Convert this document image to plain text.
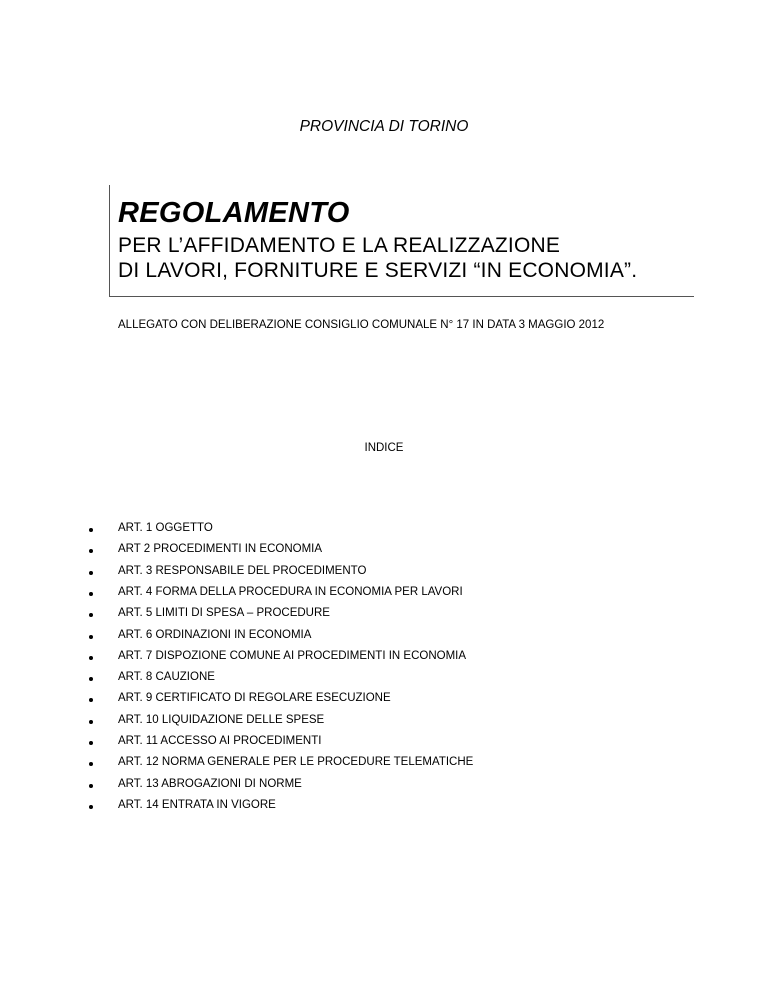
PROVINCIA DI TORINO
REGOLAMENTO
PER L’AFFIDAMENTO E LA REALIZZAZIONE
DI LAVORI, FORNITURE E SERVIZI “IN ECONOMIA”.
ALLEGATO CON DELIBERAZIONE CONSIGLIO COMUNALE N° 17 IN DATA 3 MAGGIO 2012
INDICE
ART. 1 OGGETTO
ART 2 PROCEDIMENTI IN ECONOMIA
ART. 3 RESPONSABILE DEL PROCEDIMENTO
ART. 4 FORMA DELLA PROCEDURA IN ECONOMIA PER LAVORI
ART. 5 LIMITI DI SPESA – PROCEDURE
ART. 6 ORDINAZIONI IN ECONOMIA
ART. 7 DISPOZIONE COMUNE AI PROCEDIMENTI IN ECONOMIA
ART. 8 CAUZIONE
ART. 9 CERTIFICATO DI REGOLARE ESECUZIONE
ART. 10 LIQUIDAZIONE DELLE SPESE
ART. 11 ACCESSO AI PROCEDIMENTI
ART. 12 NORMA GENERALE PER LE PROCEDURE TELEMATICHE
ART. 13 ABROGAZIONI DI NORME
ART. 14 ENTRATA IN VIGORE
